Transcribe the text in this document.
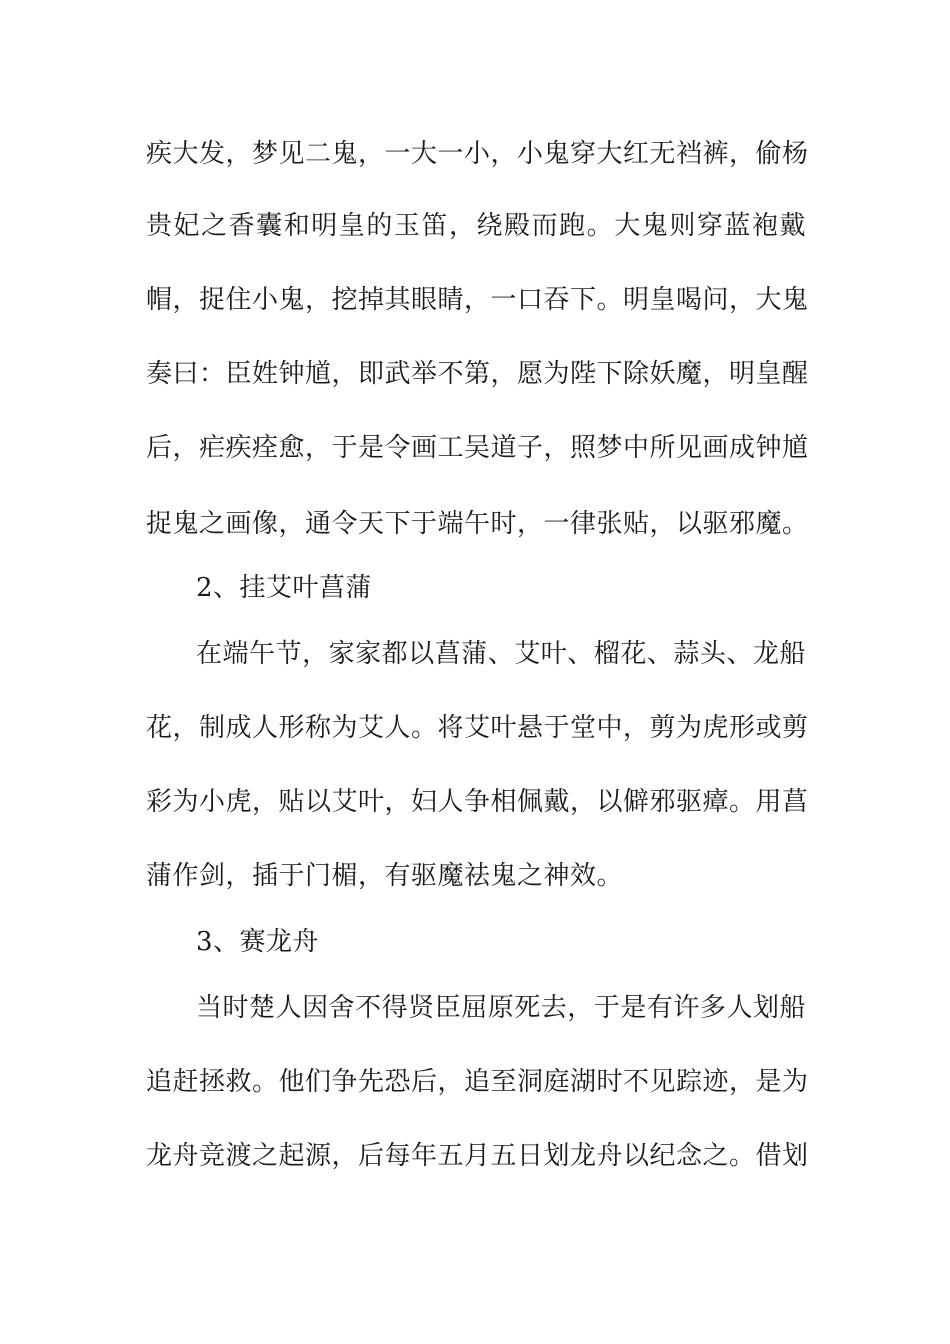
疾大发，梦见二鬼，一大一小，小鬼穿大红无裆裤，偷杨
贵妃之香囊和明皇的玉笛，绕殿而跑。大鬼则穿蓝袍戴
帽，捉住小鬼，挖掉其眼睛，一口吞下。明皇喝问，大鬼
奏曰：臣姓钟馗，即武举不第，愿为陛下除妖魔，明皇醒
后，疟疾痊愈，于是令画工吴道子，照梦中所见画成钟馗
捉鬼之画像，通令天下于端午时，一律张贴，以驱邪魔。
2、挂艾叶菖蒲
在端午节，家家都以菖蒲、艾叶、榴花、蒜头、龙船
花，制成人形称为艾人。将艾叶悬于堂中，剪为虎形或剪
彩为小虎，贴以艾叶，妇人争相佩戴，以僻邪驱瘴。用菖
蒲作剑，插于门楣，有驱魔祛鬼之神效。
3、赛龙舟
当时楚人因舍不得贤臣屈原死去，于是有许多人划船
追赶拯救。他们争先恐后，追至洞庭湖时不见踪迹，是为
龙舟竞渡之起源，后每年五月五日划龙舟以纪念之。借划
